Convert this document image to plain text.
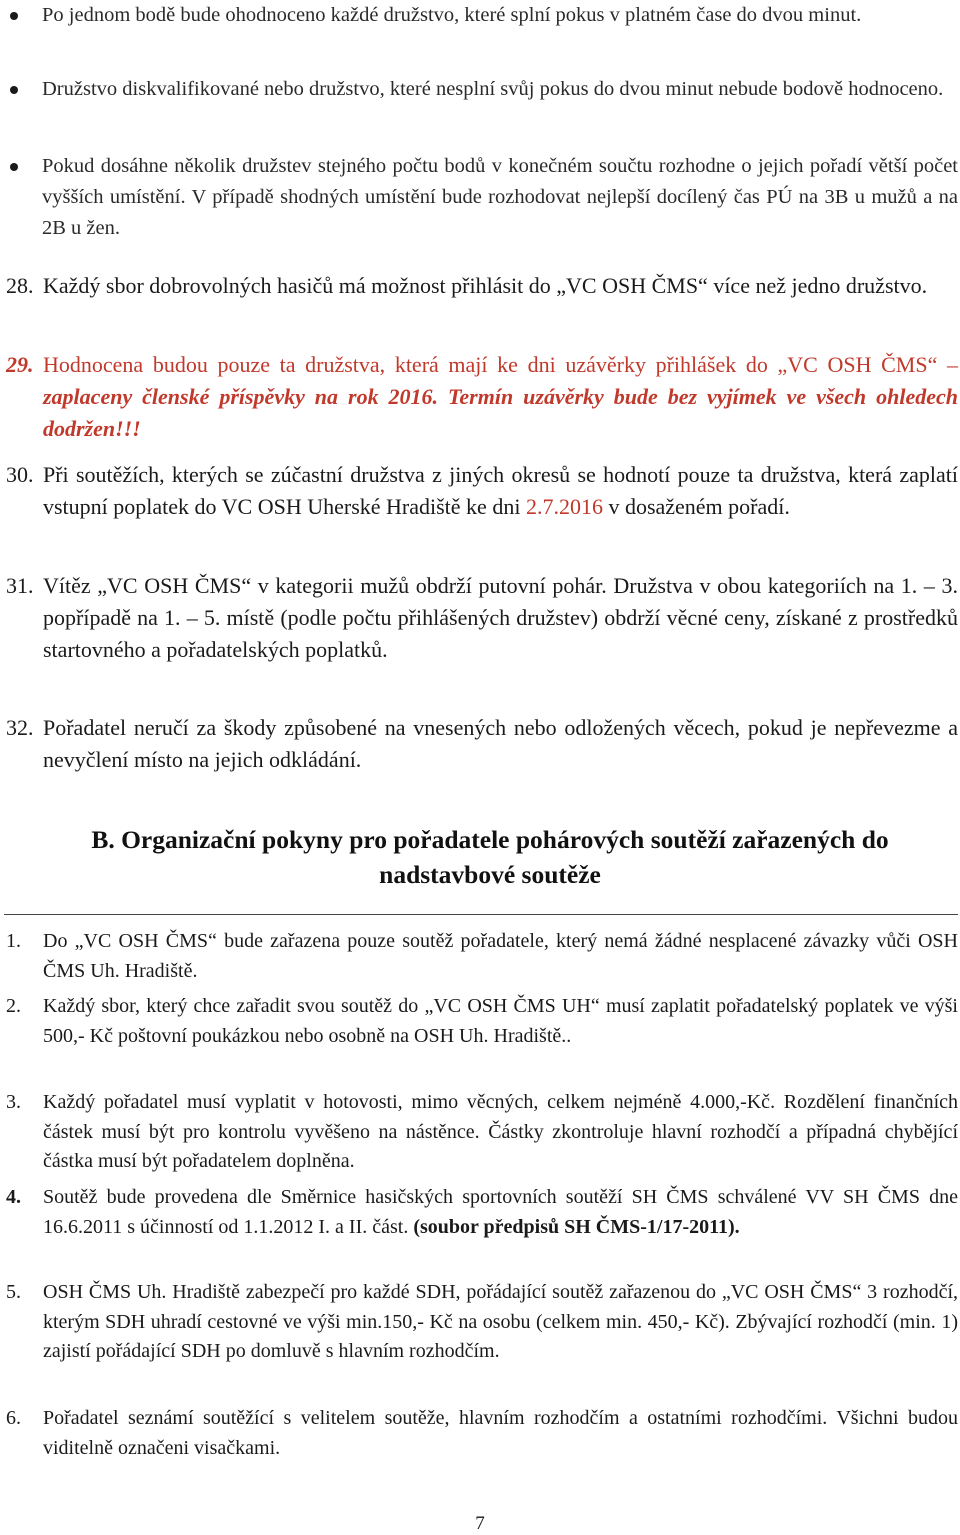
Po jednom bodě bude ohodnoceno každé družstvo, které splní pokus v platném čase do dvou minut.
Družstvo diskvalifikované nebo družstvo, které nesplní svůj pokus do dvou minut nebude bodově hodnoceno.
Pokud dosáhne několik družstev stejného počtu bodů v konečném součtu rozhodne o jejich pořadí větší počet vyšších umístění. V případě shodných umístění bude rozhodovat nejlepší docílený čas PÚ na 3B u mužů a na 2B u žen.
28. Každý sbor dobrovolných hasičů má možnost přihlásit do „VC OSH ČMS“ více než jedno družstvo.
29. Hodnocena budou pouze ta družstva, která mají ke dni uzávěrky přihlášek do „VC OSH ČMS“ – zaplaceny členské příspěvky na rok 2016. Termín uzávěrky bude bez vyjímek ve všech ohledech dodržen!!!
30. Při soutěžích, kterých se zúčastní družstva z jiných okresů se hodnotí pouze ta družstva, která zaplatí vstupní poplatek do VC OSH Uherské Hradiště ke dni 2.7.2016 v dosaženém pořadí.
31. Vítěz „VC OSH ČMS“ v kategorii mužů obdrží putovní pohár. Družstva v obou kategoriích na 1. – 3. popřípadě na 1. – 5. místě (podle počtu přihlášených družstev) obdrží věcné ceny, získané z prostředků startovného a pořadatelských poplatků.
32. Pořadatel neručí za škody způsobené na vnesených nebo odložených věcech, pokud je nepřevezme a nevyčlení místo na jejich odkládání.
B. Organizační pokyny pro pořadatele pohárových soutěží zařazených do
nadstavbové soutěže
1. Do „VC OSH ČMS“ bude zařazena pouze soutěž pořadatele, který nemá žádné nesplacené závazky vůči OSH ČMS Uh. Hradiště.
2. Každý sbor, který chce zařadit svou soutěž do „VC OSH ČMS UH“ musí zaplatit pořadatelský poplatek ve výši 500,- Kč poštovní poukázkou nebo osobně na OSH Uh. Hradiště..
3. Každý pořadatel musí vyplatit v hotovosti, mimo věcných, celkem nejméně 4.000,-Kč. Rozdělení finančních částek musí být pro kontrolu vyvěšeno na nástěnce. Částky zkontroluje hlavní rozhodčí a případná chybějící částka musí být pořadatelem doplněna.
4. Soutěž bude provedena dle Směrnice hasičských sportovních soutěží SH ČMS schválené VV SH ČMS dne 16.6.2011 s účinností od 1.1.2012 I. a II. část. (soubor předpisů SH ČMS-1/17-2011).
5. OSH ČMS Uh. Hradiště zabezpečí pro každé SDH, pořádající soutěž zařazenou do „VC OSH ČMS“ 3 rozhodčí, kterým SDH uhradí cestovné ve výši min.150,- Kč na osobu (celkem min. 450,- Kč). Zbývající rozhodčí (min. 1) zajistí pořádající SDH po domluvě s hlavním rozhodčím.
6. Pořadatel seznámí soutěžící s velitelem soutěže, hlavním rozhodčím a ostatními rozhodčími. Všichni budou viditelně označeni visačkami.
7
